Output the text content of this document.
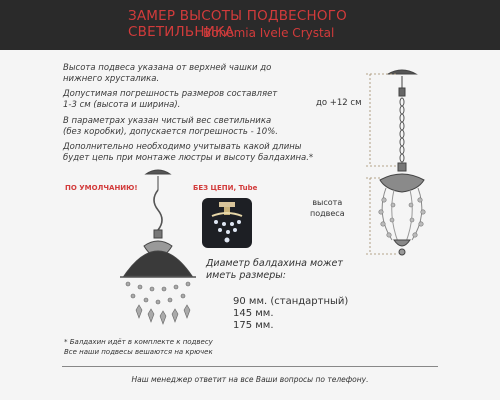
ЗАМЕР ВЫСОТЫ ПОДВЕСНОГО СВЕТИЛЬНИКА
Bohemia Ivele Crystal
Высота подвеса указана от верхней чашки до
нижнего хрусталика.
Допустимая погрешность размеров составляет
1-3 см (высота и ширина).
В параметрах указан чистый вес светильника
(без коробки), допускается погрешность - 10%.
Дополнительно необходимо учитывать какой длины
будет цепь при монтаже люстры и высоту балдахина.*
ПО УМОЛЧАНИЮ!	БЕЗ ЦЕПИ, Tube
до +12 см
высота
подвеса
Диаметр балдахина может
иметь размеры:
90 мм. (стандартный)
145 мм.
175 мм.
* Балдахин идёт в комплекте к подвесу
Все наши подвесы вешаются на крючек
Наш менеджер ответит на все Ваши вопросы по телефону.
